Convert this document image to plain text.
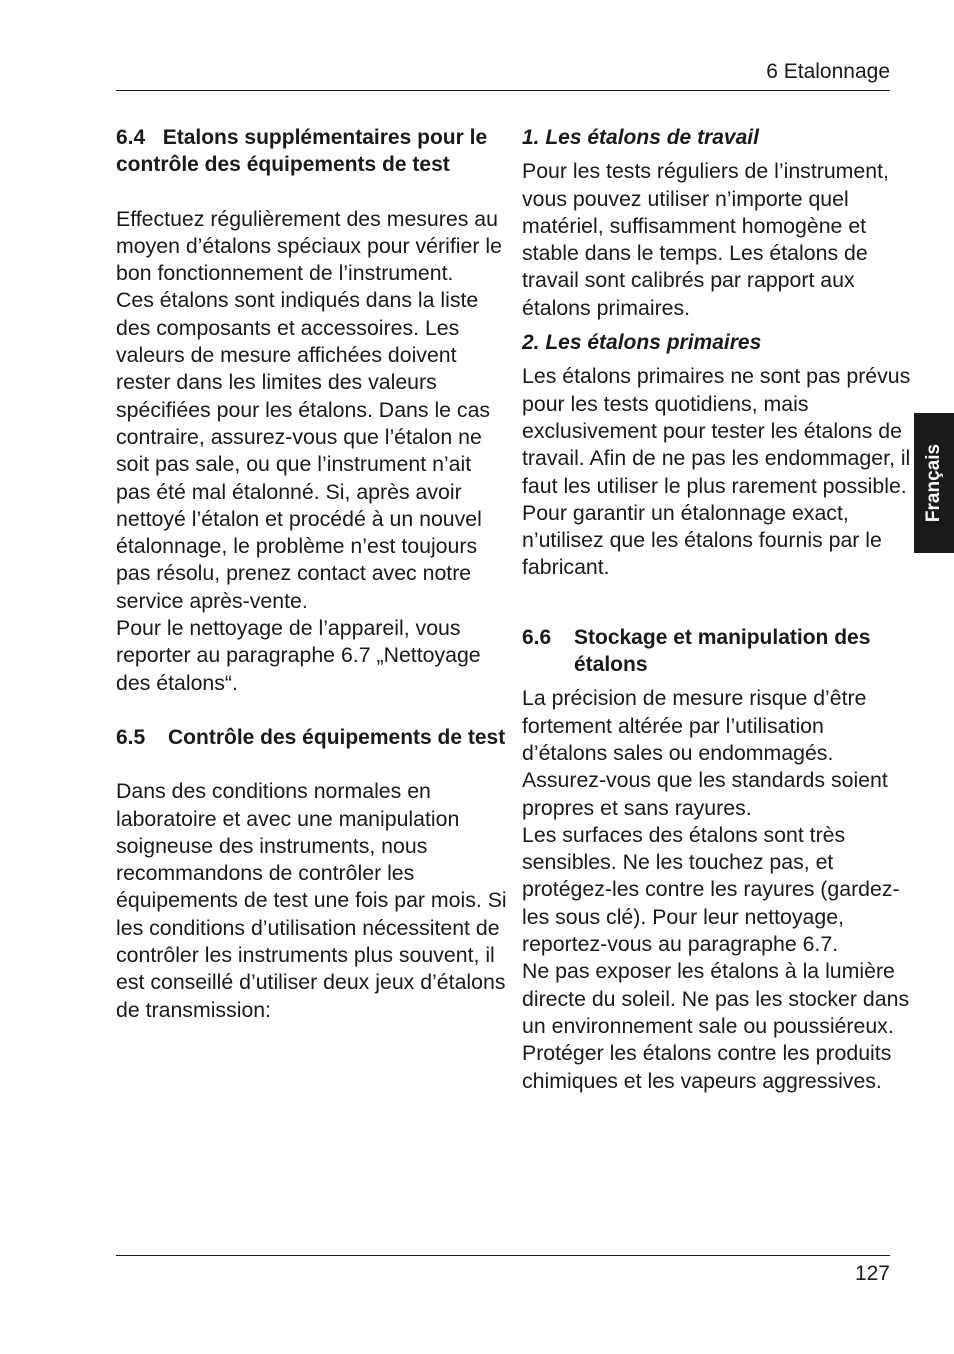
6 Etalonnage
Français
6.4 Etalons supplémentaires pour le contrôle des équipements de test

Effectuez régulièrement des mesures au moyen d’étalons spéciaux pour vérifier le bon fonctionnement de l’instrument.

Ces étalons sont indiqués dans la liste des composants et accessoires. Les valeurs de mesure affichées doivent rester dans les limites des valeurs spécifiées pour les étalons. Dans le cas contraire, assurez-vous que l’étalon ne soit pas sale, ou que l’instrument n’ait pas été mal étalonné. Si, après avoir nettoyé l’étalon et procédé à un nouvel étalonnage, le problème n’est toujours pas résolu, prenez contact avec notre service après-vente.

Pour le nettoyage de l’appareil, vous reporter au paragraphe 6.7 „Nettoyage des étalons“.

6.5	Contrôle des équipements de test

Dans des conditions normales en laboratoire et avec une manipulation soigneuse des instruments, nous recommandons de contrôler les équipements de test une fois par mois. Si les conditions d’utilisation nécessitent de contrôler les instruments plus souvent, il est conseillé d’utiliser deux jeux d’étalons de transmission:

1. Les étalons de travail

Pour les tests réguliers de l’instrument, vous pouvez utiliser n’importe quel matériel, suffisamment homogène et stable dans le temps. Les étalons de travail sont calibrés par rapport aux étalons primaires.

2. Les étalons primaires

Les étalons primaires ne sont pas prévus pour les tests quotidiens, mais exclusivement pour tester les étalons de travail. Afin de ne pas les endommager, il faut les utiliser le plus rarement possible. Pour garantir un étalonnage exact, n’utilisez que les étalons fournis par le fabricant.

6.6	Stockage et manipulation des étalons

La précision de mesure risque d’être fortement altérée par l’utilisation d’étalons sales ou endommagés. Assurez-vous que les standards soient propres et sans rayures.

Les surfaces des étalons sont très sensibles. Ne les touchez pas, et protégez-les contre les rayures (gardez-les sous clé). Pour leur nettoyage, reportez-vous au paragraphe 6.7.

Ne pas exposer les étalons à la lumière directe du soleil. Ne pas les stocker dans un environnement sale ou poussiéreux. Protéger les étalons contre les produits chimiques et les vapeurs aggressives.

127
